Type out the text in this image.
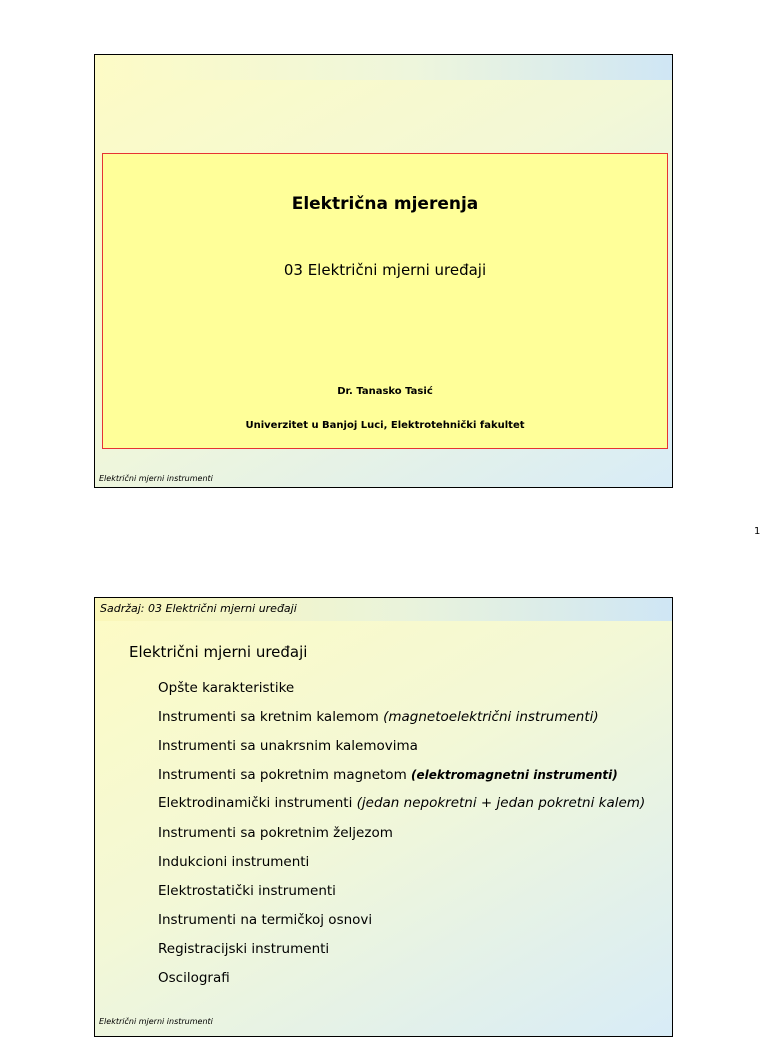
Električna mjerenja
03 Električni mjerni uređaji
Dr. Tanasko Tasić
Univerzitet u Banjoj Luci, Elektrotehnički fakultet
Električni mjerni instrumenti
1
Sadržaj: 03 Električni mjerni uređaji
Električni mjerni uređaji
Opšte karakteristike
Instrumenti sa kretnim kalemom (magnetoelektrični instrumenti)
Instrumenti sa unakrsnim kalemovima
Instrumenti sa pokretnim magnetom (elektromagnetni instrumenti)
Elektrodinamički instrumenti (jedan nepokretni + jedan pokretni kalem)
Instrumenti sa pokretnim željezom
Indukcioni instrumenti
Elektrostatički instrumenti
Instrumenti na termičkoj osnovi
Registracijski instrumenti
Oscilografi
Električni mjerni instrumenti
